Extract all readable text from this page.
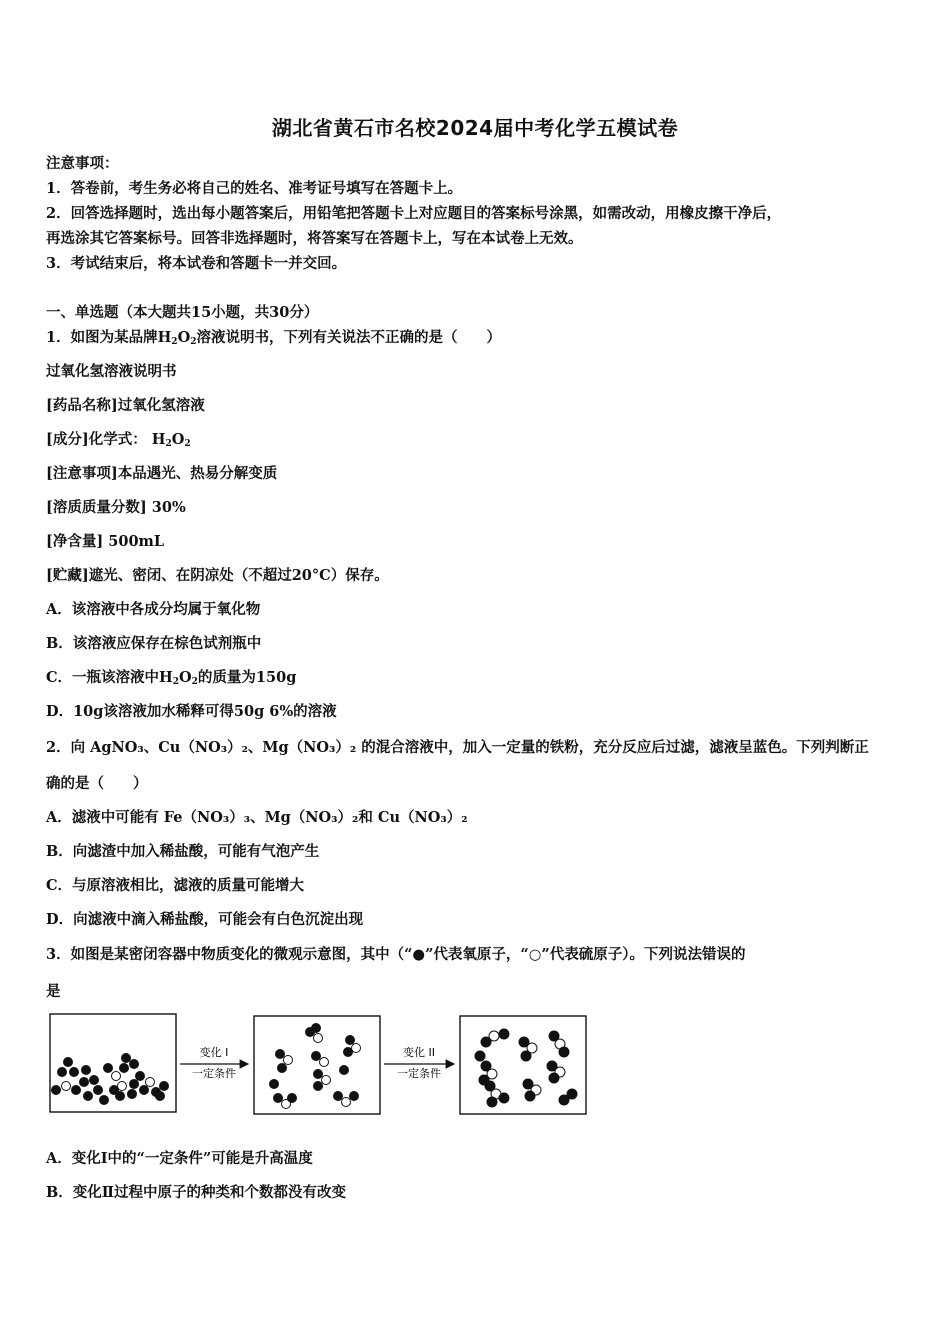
湖北省黄石市名校2024届中考化学五模试卷
注意事项：
1．答卷前，考生务必将自己的姓名、准考证号填写在答题卡上。
2．回答选择题时，选出每小题答案后，用铅笔把答题卡上对应题目的答案标号涂黑，如需改动，用橡皮擦干净后，
再选涂其它答案标号。回答非选择题时，将答案写在答题卡上，写在本试卷上无效。
3．考试结束后，将本试卷和答题卡一并交回。
一、单选题（本大题共15小题，共30分）
1．如图为某品牌$H_2O_2$溶液说明书，下列有关说法不正确的是（　　）
过氧化氢溶液说明书
[药品名称]过氧化氢溶液
[成分]化学式： $H_2O_2$
[注意事项]本品遇光、热易分解变质
[溶质质量分数] 30%
[净含量] 500mL
[贮藏]遮光、密闭、在阴凉处（不超过20°C）保存。
A．该溶液中各成分均属于氧化物
B．该溶液应保存在棕色试剂瓶中
C．一瓶该溶液中$H_2O_2$的质量为150g
D．10g该溶液加水稀释可得50g 6%的溶液
2．向 AgNO₃、Cu（NO₃）₂、Mg（NO₃）₂ 的混合溶液中，加入一定量的铁粉，充分反应后过滤，滤液呈蓝色。下列判断正
确的是（　　）
A．滤液中可能有 Fe（NO₃）₃、Mg（NO₃）₂和 Cu（NO₃）₂
B．向滤渣中加入稀盐酸，可能有气泡产生
C．与原溶液相比，滤液的质量可能增大
D．向滤液中滴入稀盐酸，可能会有白色沉淀出现
3．如图是某密闭容器中物质变化的微观示意图，其中（“●”代表氧原子，“○”代表硫原子）。下列说法错误的
是
变化 I
一定条件
变化 II
一定条件
A．变化Ⅰ中的“一定条件”可能是升高温度
B．变化Ⅱ过程中原子的种类和个数都没有改变
